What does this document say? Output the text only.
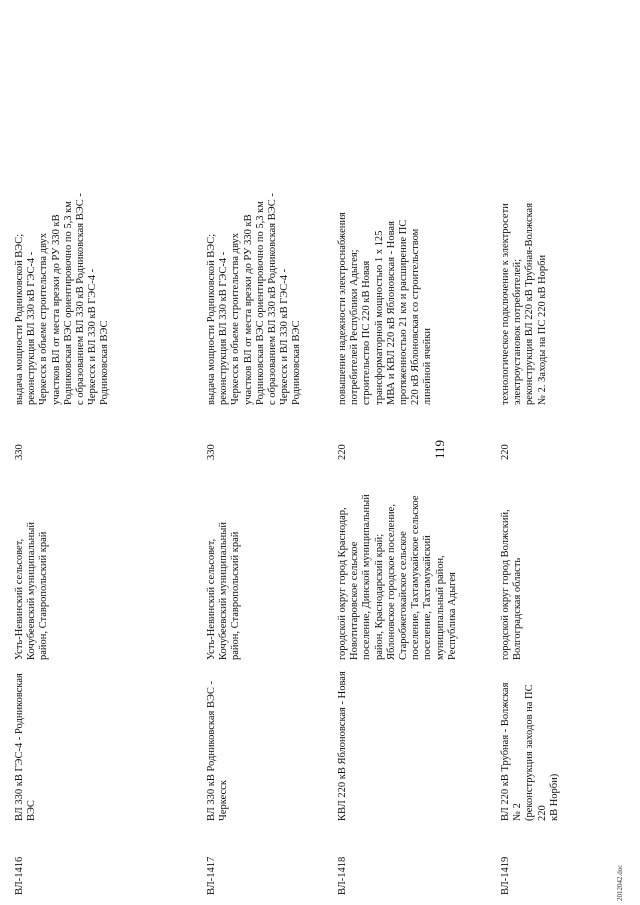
119
ВЛ-1416
ВЛ 330 кВ ГЭС-4 - Родниковская
ВЭС
Усть-Невинский сельсовет,
Кочубеевский муниципальный
район, Ставропольский край
330
выдача мощности Родниковской ВЭС;
реконструкция ВЛ 330 кВ ГЭС-4 -
Черкесск в объеме строительства двух
участков ВЛ от места врезки до РУ 330 кВ
Родниковская ВЭС ориентировочно по 5,3 км
с образованием ВЛ 330 кВ Родниковская ВЭС -
Черкесск и ВЛ 330 кВ ГЭС-4 -
Родниковская ВЭС
ВЛ-1417
ВЛ 330 кВ Родниковская ВЭС -
Черкесск
Усть-Невинский сельсовет,
Кочубеевский муниципальный
район, Ставропольский край
330
выдача мощности Родниковской ВЭС;
реконструкция ВЛ 330 кВ ГЭС-4 -
Черкесск в объеме строительства двух
участков ВЛ от места врезки до РУ 330 кВ
Родниковская ВЭС ориентировочно по 5,3 км
с образованием ВЛ 330 кВ Родниковская ВЭС -
Черкесск и ВЛ 330 кВ ГЭС-4 -
Родниковская ВЭС
ВЛ-1418
КВЛ 220 кВ Яблоновская - Новая
городской округ город Краснодар,
Новотитаровское сельское
поселение, Динской муниципальный
район, Краснодарский край;
Яблоновское городское поселение,
Старобжегокайское сельское
поселение, Тахтамукайское сельское
поселение, Тахтамукайский
муниципальный район,
Республика Адыгея
220
повышение надежности электроснабжения
потребителей Республики Адыгея;
строительство ПС 220 кВ Новая
трансформаторной мощностью 1 х 125
МВА и КВЛ 220 кВ Яблоновская - Новая
протяженностью 21 км и расширение ПС
220 кВ Яблоновская со строительством
линейной ячейки
ВЛ-1419
ВЛ 220 кВ Трубная - Волжская № 2
(реконструкция заходов на ПС 220
кВ Норби)
городской округ город Волжский,
Волгоградская область
220
технологическое подключение к электросети
электроустановок потребителей;
реконструкция ВЛ 220 кВ Трубная-Волжская
№ 2. Заходы на ПС 220 кВ Норби
2012042.doc
